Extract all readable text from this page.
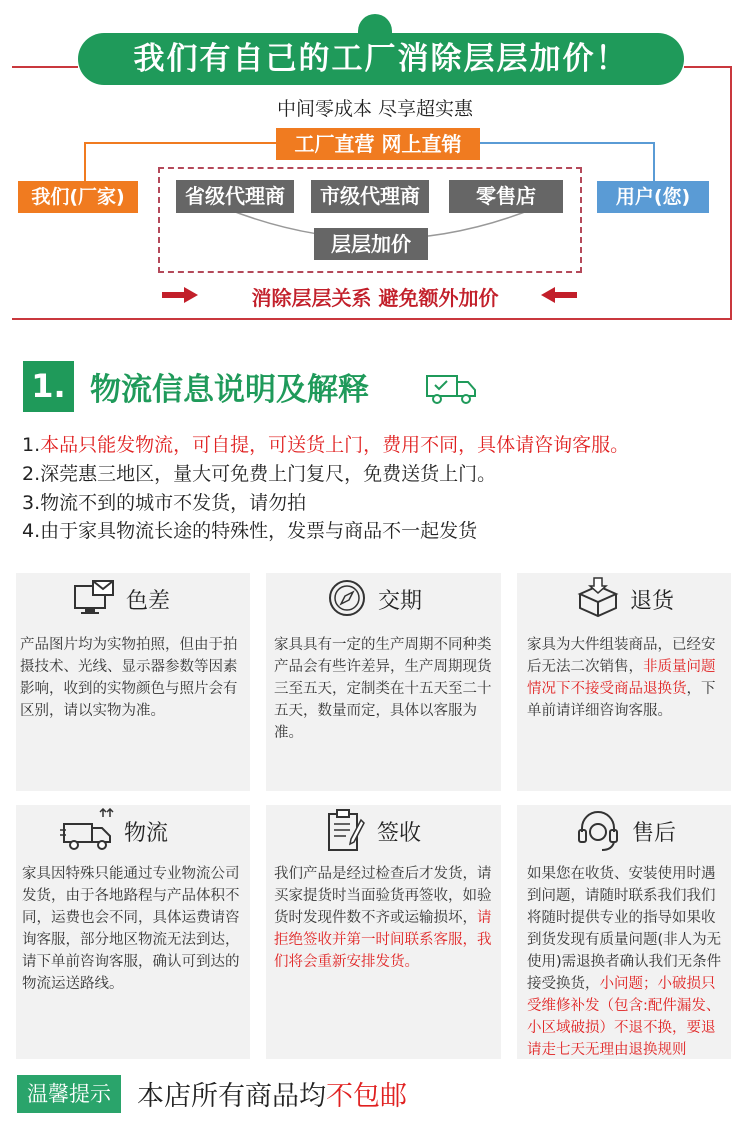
我们有自己的工厂消除层层加价！
中间零成本 尽享超实惠
工厂直营 网上直销
我们(厂家)	用户(您)
省级代理商	市级代理商	零售店
层层加价
消除层层关系 避免额外加价
1. 物流信息说明及解释
1.本品只能发物流，可自提，可送货上门，费用不同，具体请咨询客服。
2.深莞惠三地区，量大可免费上门复尺，免费送货上门。
3.物流不到的城市不发货，请勿拍
4.由于家具物流长途的特殊性，发票与商品不一起发货
色差
产品图片均为实物拍照，但由于拍摄技术、光线、显示器参数等因素影响，收到的实物颜色与照片会有区别，请以实物为准。
交期
家具具有一定的生产周期不同种类产品会有些许差异，生产周期现货三至五天，定制类在十五天至二十五天，数量而定，具体以客服为准。
退货
家具为大件组装商品，已经安后无法二次销售，非质量问题情况下不接受商品退换货，下单前请详细咨询客服。
物流
家具因特殊只能通过专业物流公司发货，由于各地路程与产品体积不同，运费也会不同，具体运费请咨询客服，部分地区物流无法到达，请下单前咨询客服，确认可到达的物流运送路线。
签收
我们产品是经过检查后才发货，请买家提货时当面验货再签收，如验货时发现件数不齐或运输损坏，请拒绝签收并第一时间联系客服，我们将会重新安排发货。
售后
如果您在收货、安装使用时遇到问题，请随时联系我们我们将随时提供专业的指导如果收到货发现有质量问题(非人为无使用)需退换者确认我们无条件接受换货，小问题；小破损只受维修补发（包含:配件漏发、小区域破损）不退不换，要退请走七天无理由退换规则
温馨提示 本店所有商品均不包邮
